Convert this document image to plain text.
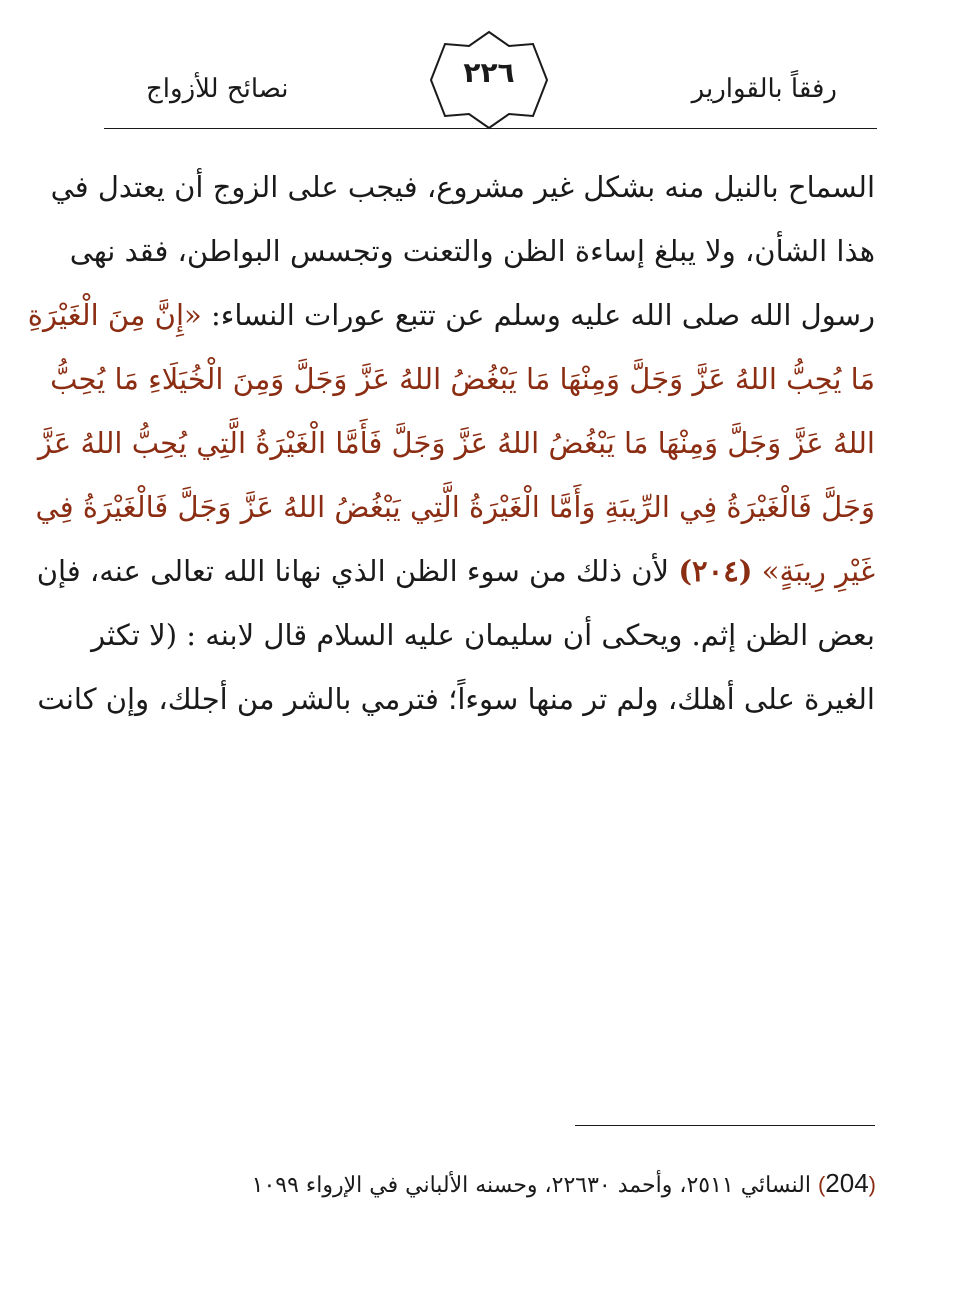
رفقاً بالقوارير
٢٢٦
نصائح للأزواج
السماح بالنيل منه بشكل غير مشروع، فيجب على الزوج أن يعتدل في
هذا الشأن، ولا يبلغ إساءة الظن والتعنت وتجسس البواطن، فقد نهى
رسول الله صلى الله عليه وسلم عن تتبع عورات النساء: «إِنَّ مِنَ الْغَيْرَةِ
مَا يُحِبُّ اللهُ عَزَّ وَجَلَّ وَمِنْهَا مَا يَبْغُضُ اللهُ عَزَّ وَجَلَّ وَمِنَ الْخُيَلَاءِ مَا يُحِبُّ
اللهُ عَزَّ وَجَلَّ وَمِنْهَا مَا يَبْغُضُ اللهُ عَزَّ وَجَلَّ فَأَمَّا الْغَيْرَةُ الَّتِي يُحِبُّ اللهُ عَزَّ
وَجَلَّ فَالْغَيْرَةُ فِي الرِّيبَةِ وَأَمَّا الْغَيْرَةُ الَّتِي يَبْغُضُ اللهُ عَزَّ وَجَلَّ فَالْغَيْرَةُ فِي
غَيْرِ رِيبَةٍ» (٢٠٤) لأن ذلك من سوء الظن الذي نهانا الله تعالى عنه، فإن
بعض الظن إثم. ويحكى أن سليمان عليه السلام قال لابنه : (لا تكثر
الغيرة على أهلك، ولم تر منها سوءاً؛ فترمي بالشر من أجلك، وإن كانت
(204) النسائي ٢٥١١، وأحمد ٢٢٦٣٠، وحسنه الألباني في الإرواء ١٠٩٩
